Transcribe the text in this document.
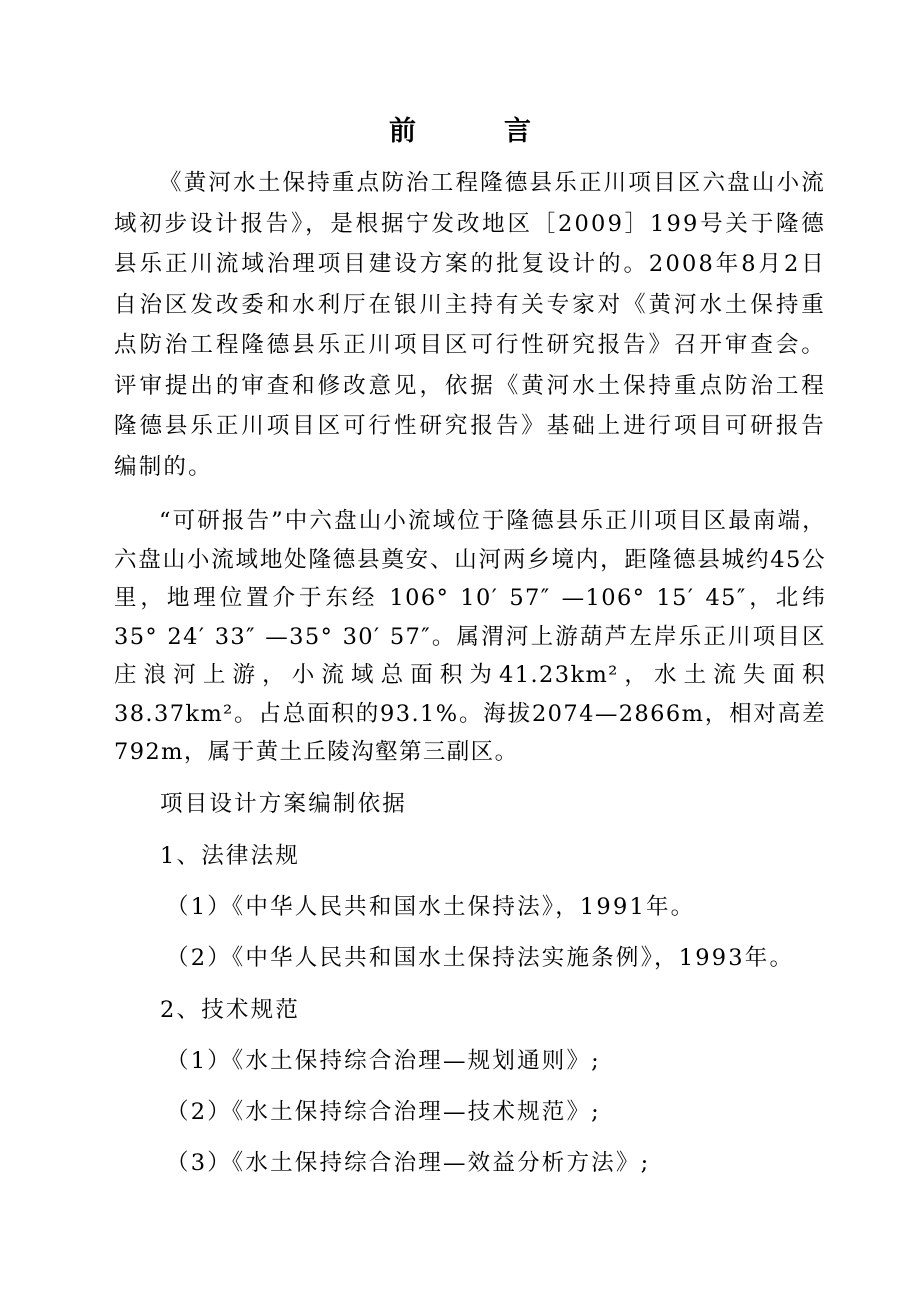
前	言

《黄河水土保持重点防治工程隆德县乐正川项目区六盘山小流域初步设计报告》，是根据宁发改地区［2009］199号关于隆德县乐正川流域治理项目建设方案的批复设计的。2008年8月2日自治区发改委和水利厅在银川主持有关专家对《黄河水土保持重点防治工程隆德县乐正川项目区可行性研究报告》召开审查会。评审提出的审查和修改意见，依据《黄河水土保持重点防治工程隆德县乐正川项目区可行性研究报告》基础上进行项目可研报告编制的。

“可研报告”中六盘山小流域位于隆德县乐正川项目区最南端，六盘山小流域地处隆德县奠安、山河两乡境内，距隆德县城约45公里，地理位置介于东经 106° 10′ 57″ —106° 15′ 45″，北纬 35° 24′ 33″ —35° 30′ 57″。属渭河上游葫芦左岸乐正川项目区庄浪河上游，小流域总面积为41.23km²，水土流失面积38.37km²。占总面积的93.1%。海拔2074—2866m，相对高差792m，属于黄土丘陵沟壑第三副区。

项目设计方案编制依据
1、法律法规
（1）《中华人民共和国水土保持法》，1991年。
（2）《中华人民共和国水土保持法实施条例》，1993年。
2、技术规范
（1）《水土保持综合治理—规划通则》;
（2）《水土保持综合治理—技术规范》;
（3）《水土保持综合治理—效益分析方法》;
